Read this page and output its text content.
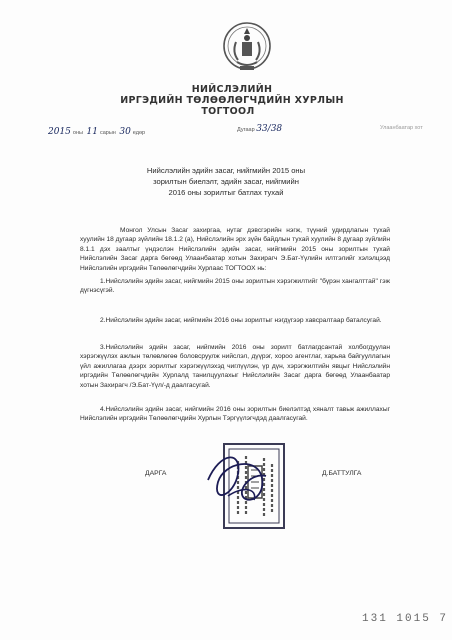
НИЙСЛЭЛИЙН
ИРГЭДИЙН ТӨЛӨӨЛӨГЧДИЙН ХУРЛЫН
ТОГТООЛ
2015 оны 11 сарын 30 едөр	Дугаар 33/38	Улаанбаатар хот
Нийслэлийн эдийн засаг, нийгмийн 2015 оны
зорилтын биелэлт, эдийн засаг, нийгмийн
2016 оны зорилтыг батлах тухай
Монгол Улсын Засаг захиргаа, нутаг дэвсгэрийн нэгж, түүний удирдлагын тухай хуулийн 18 дугаар зүйлийн 18.1.2 (а), Нийслэлийн эрх зүйн байдлын тухай хуулийн 8 дугаар зүйлийн 8.1.1 дэх заалтыг үндэслэн Нийслэлийн эдийн засаг, нийгмийн 2015 оны зорилтын тухай Нийслэлийн Засаг дарга бөгөөд Улаанбаатар хотын Захирагч Э.Бат-Үүлийн илтгэлийг хэлэлцээд Нийслэлийн иргэдийн Төлөөлөгчдийн Хурлаас ТОГТООХ нь:
1.Нийслэлийн эдийн засаг, нийгмийн 2015 оны зорилтын хэрэгжилтийг "бүрэн хангалттай" гэж дүгнэсүгэй.
2.Нийслэлийн эдийн засаг, нийгмийн 2016 оны зорилтыг нэгдүгээр хавсралтаар баталсугай.
3.Нийслэлийн эдийн засаг, нийгмийн 2016 оны зорилт батлагдсантай холбогдуулан хэрэгжүүлэх ажлын төлөвлөгөө боловсруулж нийслэл, дүүрэг, хороо агентлаг, харьяа байгууллагын үйл ажиллагаа дээрх зорилтыг хэрэгжүүлэхэд чиглүүлэн, үр дүн, хэрэгжилтийн явцыг Нийслэлийн иргэдийн Төлөөлөгчдийн Хурлалд танилцуулахыг Нийслэлийн Засаг дарга бөгөөд Улаанбаатар хотын Захирагч /Э.Бат-Үүл/-д даалгасугай.
4.Нийслэлийн эдийн засаг, нийгмийн 2016 оны зорилтын биелэлтэд хяналт тавьж ажиллахыг Нийслэлийн иргэдийн Төлөөлөгчдийн Хурлын Тэргүүлэгчдэд даалгасугай.
ДАРГА	Д.БАТТУЛГА
131 1015 7
